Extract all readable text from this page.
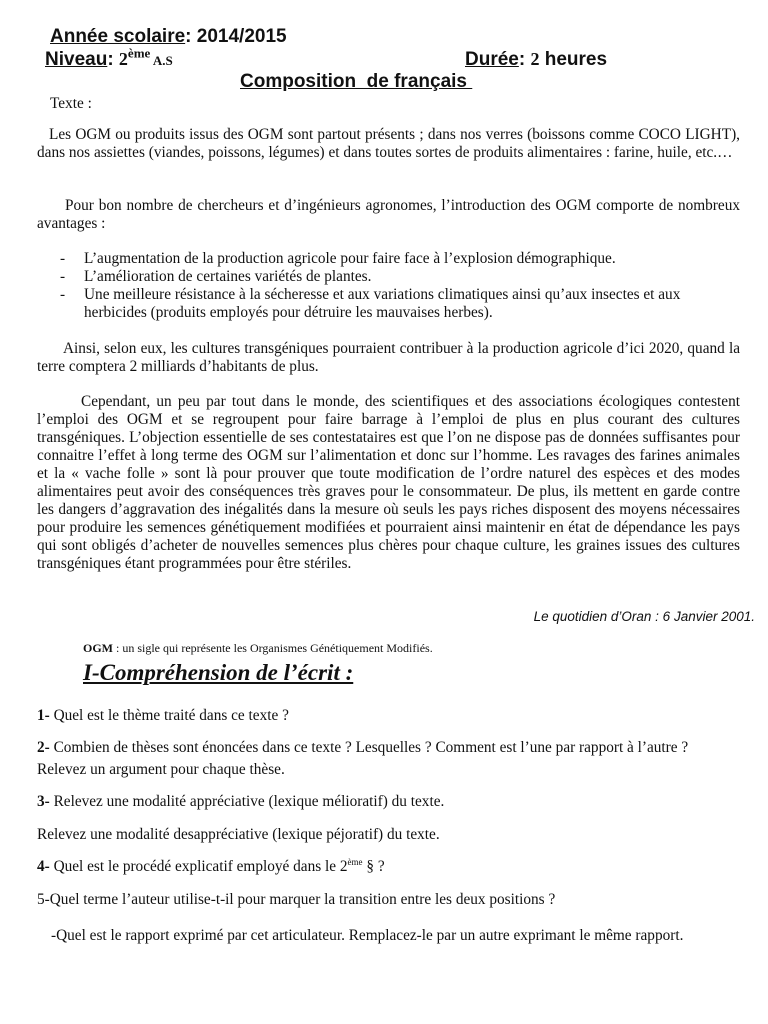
Année scolaire: 2014/2015
Niveau: 2ème A.S	Durée: 2 heures
Composition  de français
Texte :
Les OGM ou produits issus des OGM sont partout présents ; dans nos verres (boissons comme COCO LIGHT), dans nos assiettes (viandes, poissons, légumes) et dans toutes sortes de produits alimentaires : farine, huile, etc.…
Pour bon nombre de chercheurs et d’ingénieurs agronomes, l’introduction des OGM comporte de nombreux avantages :
- L’augmentation de la production agricole pour faire face à l’explosion démographique.
- L’amélioration de certaines variétés de plantes.
- Une meilleure résistance à la sécheresse et aux variations climatiques ainsi qu’aux insectes et aux herbicides (produits employés pour détruire les mauvaises herbes).
Ainsi, selon eux, les cultures transgéniques pourraient contribuer à la production agricole d’ici 2020, quand la terre comptera 2 milliards d’habitants de plus.
Cependant, un peu par tout dans le monde, des scientifiques et des associations écologiques contestent l’emploi des OGM et se regroupent pour faire barrage à l’emploi de plus en plus courant des cultures transgéniques. L’objection essentielle de ses contestataires est que l’on ne dispose pas de données suffisantes pour connaitre l’effet à long terme des OGM sur l’alimentation et donc sur l’homme. Les ravages des farines animales et la « vache folle » sont là pour prouver que toute modification de l’ordre naturel des espèces et des modes alimentaires peut avoir des conséquences très graves pour le consommateur. De plus, ils mettent en garde contre les dangers d’aggravation des inégalités dans la mesure où seuls les pays riches disposent des moyens nécessaires pour produire les semences génétiquement modifiées et pourraient ainsi maintenir en état de dépendance les pays qui sont obligés d’acheter de nouvelles semences plus chères pour chaque culture, les graines issues des cultures transgéniques étant programmées pour être stériles.
Le quotidien d’Oran : 6 Janvier 2001.
OGM : un sigle qui représente les Organismes Génétiquement Modifiés.
I-Compréhension de l’écrit :
1- Quel est le thème traité dans ce texte ?
2- Combien de thèses sont énoncées dans ce texte ? Lesquelles ? Comment est l’une par rapport à l’autre ? Relevez un argument pour chaque thèse.
3- Relevez une modalité appréciative (lexique mélioratif) du texte.
Relevez une modalité desappréciative (lexique péjoratif) du texte.
4- Quel est le procédé explicatif employé dans le 2ème § ?
5-Quel terme l’auteur utilise-t-il pour marquer la transition entre les deux positions ?
-Quel est le rapport exprimé par cet articulateur. Remplacez-le par un autre exprimant le même rapport.
